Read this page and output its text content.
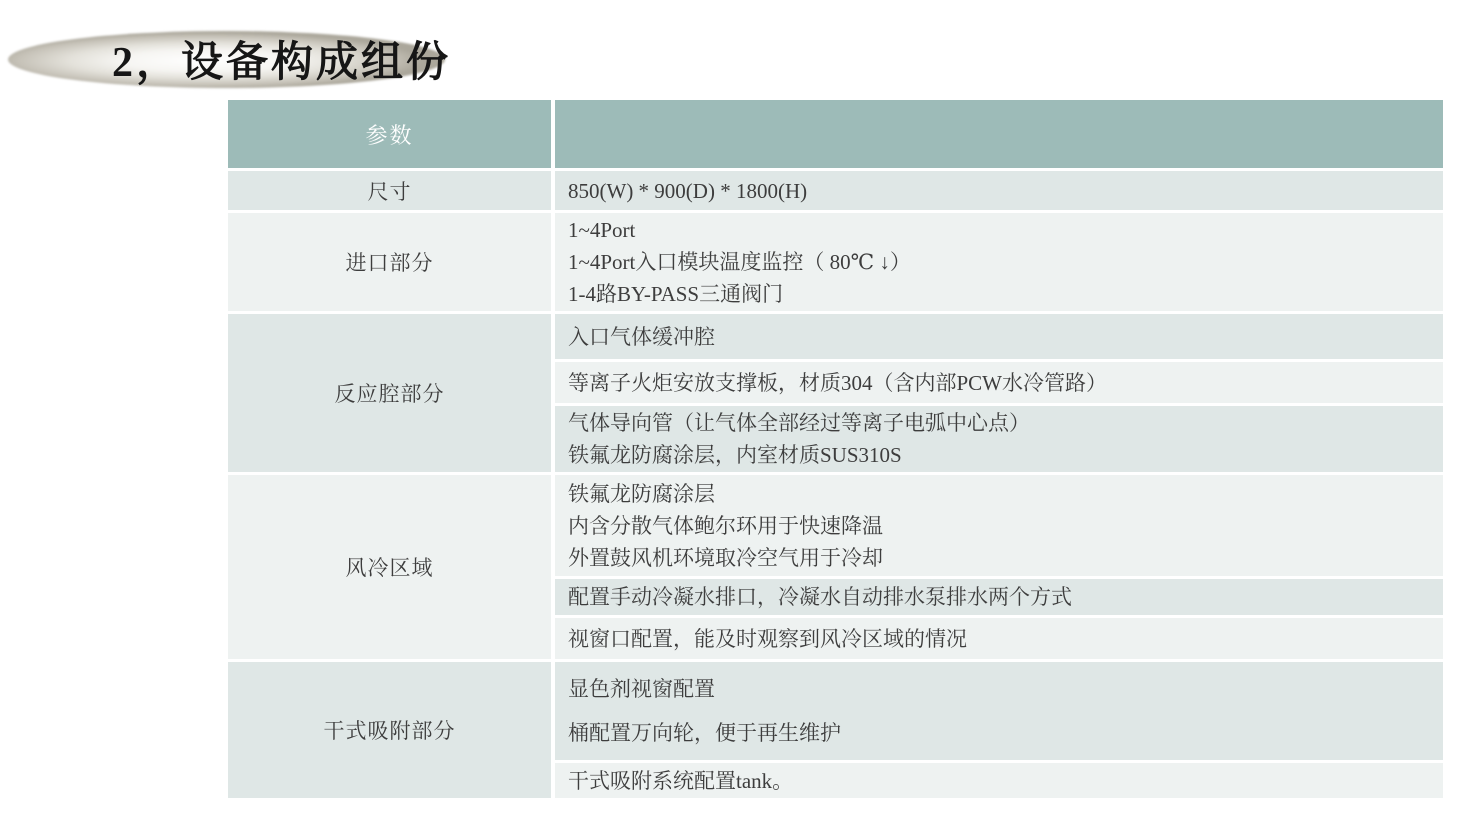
2，设备构成组份
参数
尺寸	850(W) * 900(D) * 1800(H)
进口部分
1~4Port
1~4Port入口模块温度监控（ 80℃ ↓）
1-4路BY-PASS三通阀门
反应腔部分
入口气体缓冲腔
等离子火炬安放支撑板，材质304（含内部PCW水冷管路）
气体导向管（让气体全部经过等离子电弧中心点）
铁氟龙防腐涂层，内室材质SUS310S
风冷区域
铁氟龙防腐涂层
内含分散气体鲍尔环用于快速降温
外置鼓风机环境取冷空气用于冷却
配置手动冷凝水排口，冷凝水自动排水泵排水两个方式
视窗口配置，能及时观察到风冷区域的情况
干式吸附部分
显色剂视窗配置
桶配置万向轮，便于再生维护
干式吸附系统配置tank。
